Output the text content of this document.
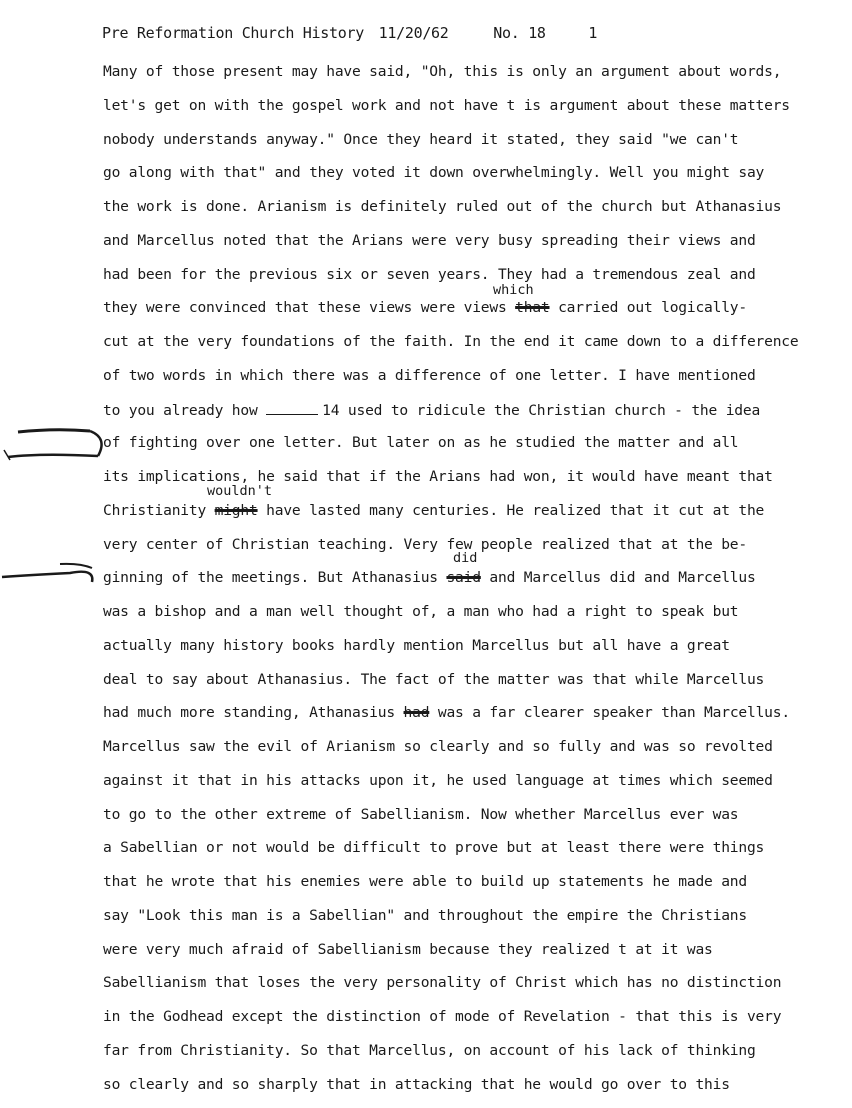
Pre Reformation Church History 11/20/62	No. 18	1
which
wouldn't
did
Many of those present may have said, "Oh, this is only an argument about words,
let's get on with the gospel work and not have t is argument about these matters
nobody understands anyway." Once they heard it stated, they said "we can't
go along with that" and they voted it down overwhelmingly. Well you might say
the work is done. Arianism is definitely ruled out of the church but Athanasius
and Marcellus noted that the Arians were very busy spreading their views and
had been for the previous six or seven years. They had a tremendous zeal and
they were convinced that these views were views that carried out logically-
cut at the very foundations of the faith. In the end it came down to a difference
of two words in which there was a difference of one letter. I have mentioned
to you already how	14 used to ridicule the Christian church - the idea
of fighting over one letter. But later on as he studied the matter and all
its implications, he said that if the Arians had won, it would have meant that
Christianity might have lasted many centuries. He realized that it cut at the
very center of Christian teaching. Very few people realized that at the be-
ginning of the meetings. But Athanasius said and Marcellus did and Marcellus
was a bishop and a man well thought of, a man who had a right to speak but
actually many history books hardly mention Marcellus but all have a great
deal to say about Athanasius. The fact of the matter was that while Marcellus
had much more standing, Athanasius had was a far clearer speaker than Marcellus.
Marcellus saw the evil of Arianism so clearly and so fully and was so revolted
against it that in his attacks upon it, he used language at times which seemed
to go to the other extreme of Sabellianism. Now whether Marcellus ever was
a Sabellian or not would be difficult to prove but at least there were things
that he wrote that his enemies were able to build up statements he made and
say "Look this man is a Sabellian" and throughout the empire the Christians
were very much afraid of Sabellianism because they realized t at it was
Sabellianism that loses the very personality of Christ which has no distinction
in the Godhead except the distinction of mode of Revelation - that this is very
far from Christianity. So that Marcellus, on account of his lack of thinking
so clearly and so sharply that in attacking that he would go over to this
